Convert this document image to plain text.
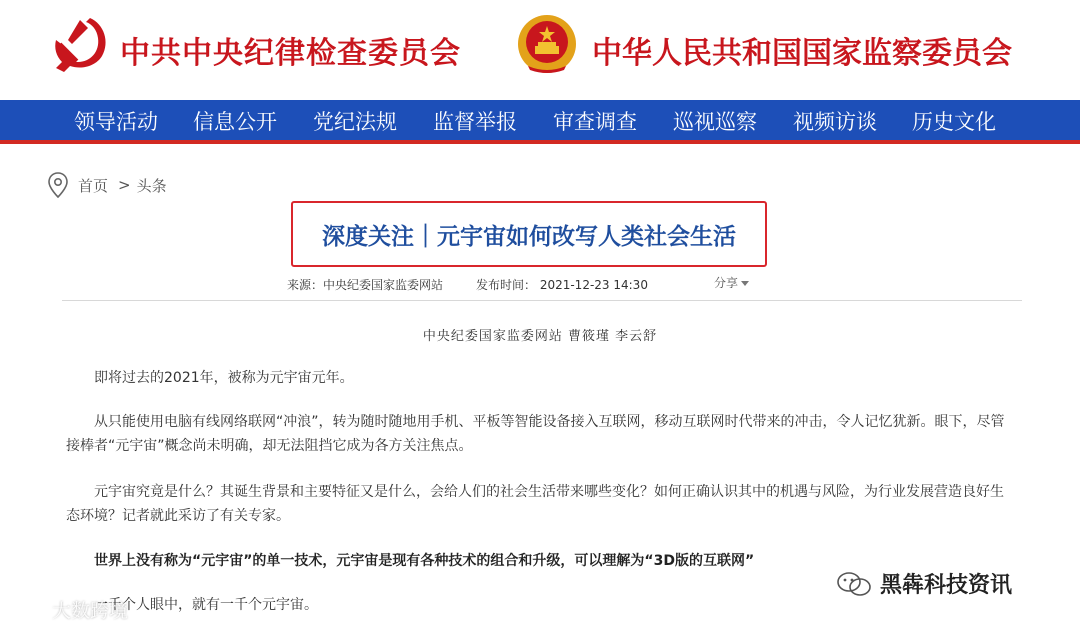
中共中央纪律检查委员会	中华人民共和国国家监察委员会
领导活动 信息公开 党纪法规 监督举报 审查调查 巡视巡察 视频访谈 历史文化
首页 > 头条
深度关注｜元宇宙如何改写人类社会生活
来源：中央纪委国家监委网站	发布时间： 2021-12-23 14:30	分享
中央纪委国家监委网站 曹筱瑾 李云舒

即将过去的2021年，被称为元宇宙元年。

从只能使用电脑有线网络联网“冲浪”，转为随时随地用手机、平板等智能设备接入互联网，移动互联网时代带来的冲击，令人记忆犹新。眼下，尽管接棒者“元宇宙”概念尚未明确，却无法阻挡它成为各方关注焦点。

元宇宙究竟是什么？其诞生背景和主要特征又是什么，会给人们的社会生活带来哪些变化？如何正确认识其中的机遇与风险，为行业发展营造良好生态环境？记者就此采访了有关专家。

世界上没有称为“元宇宙”的单一技术，元宇宙是现有各种技术的组合和升级，可以理解为“3D版的互联网”

一千个人眼中，就有一千个元宇宙。

大数跨境
黑犇科技资讯
